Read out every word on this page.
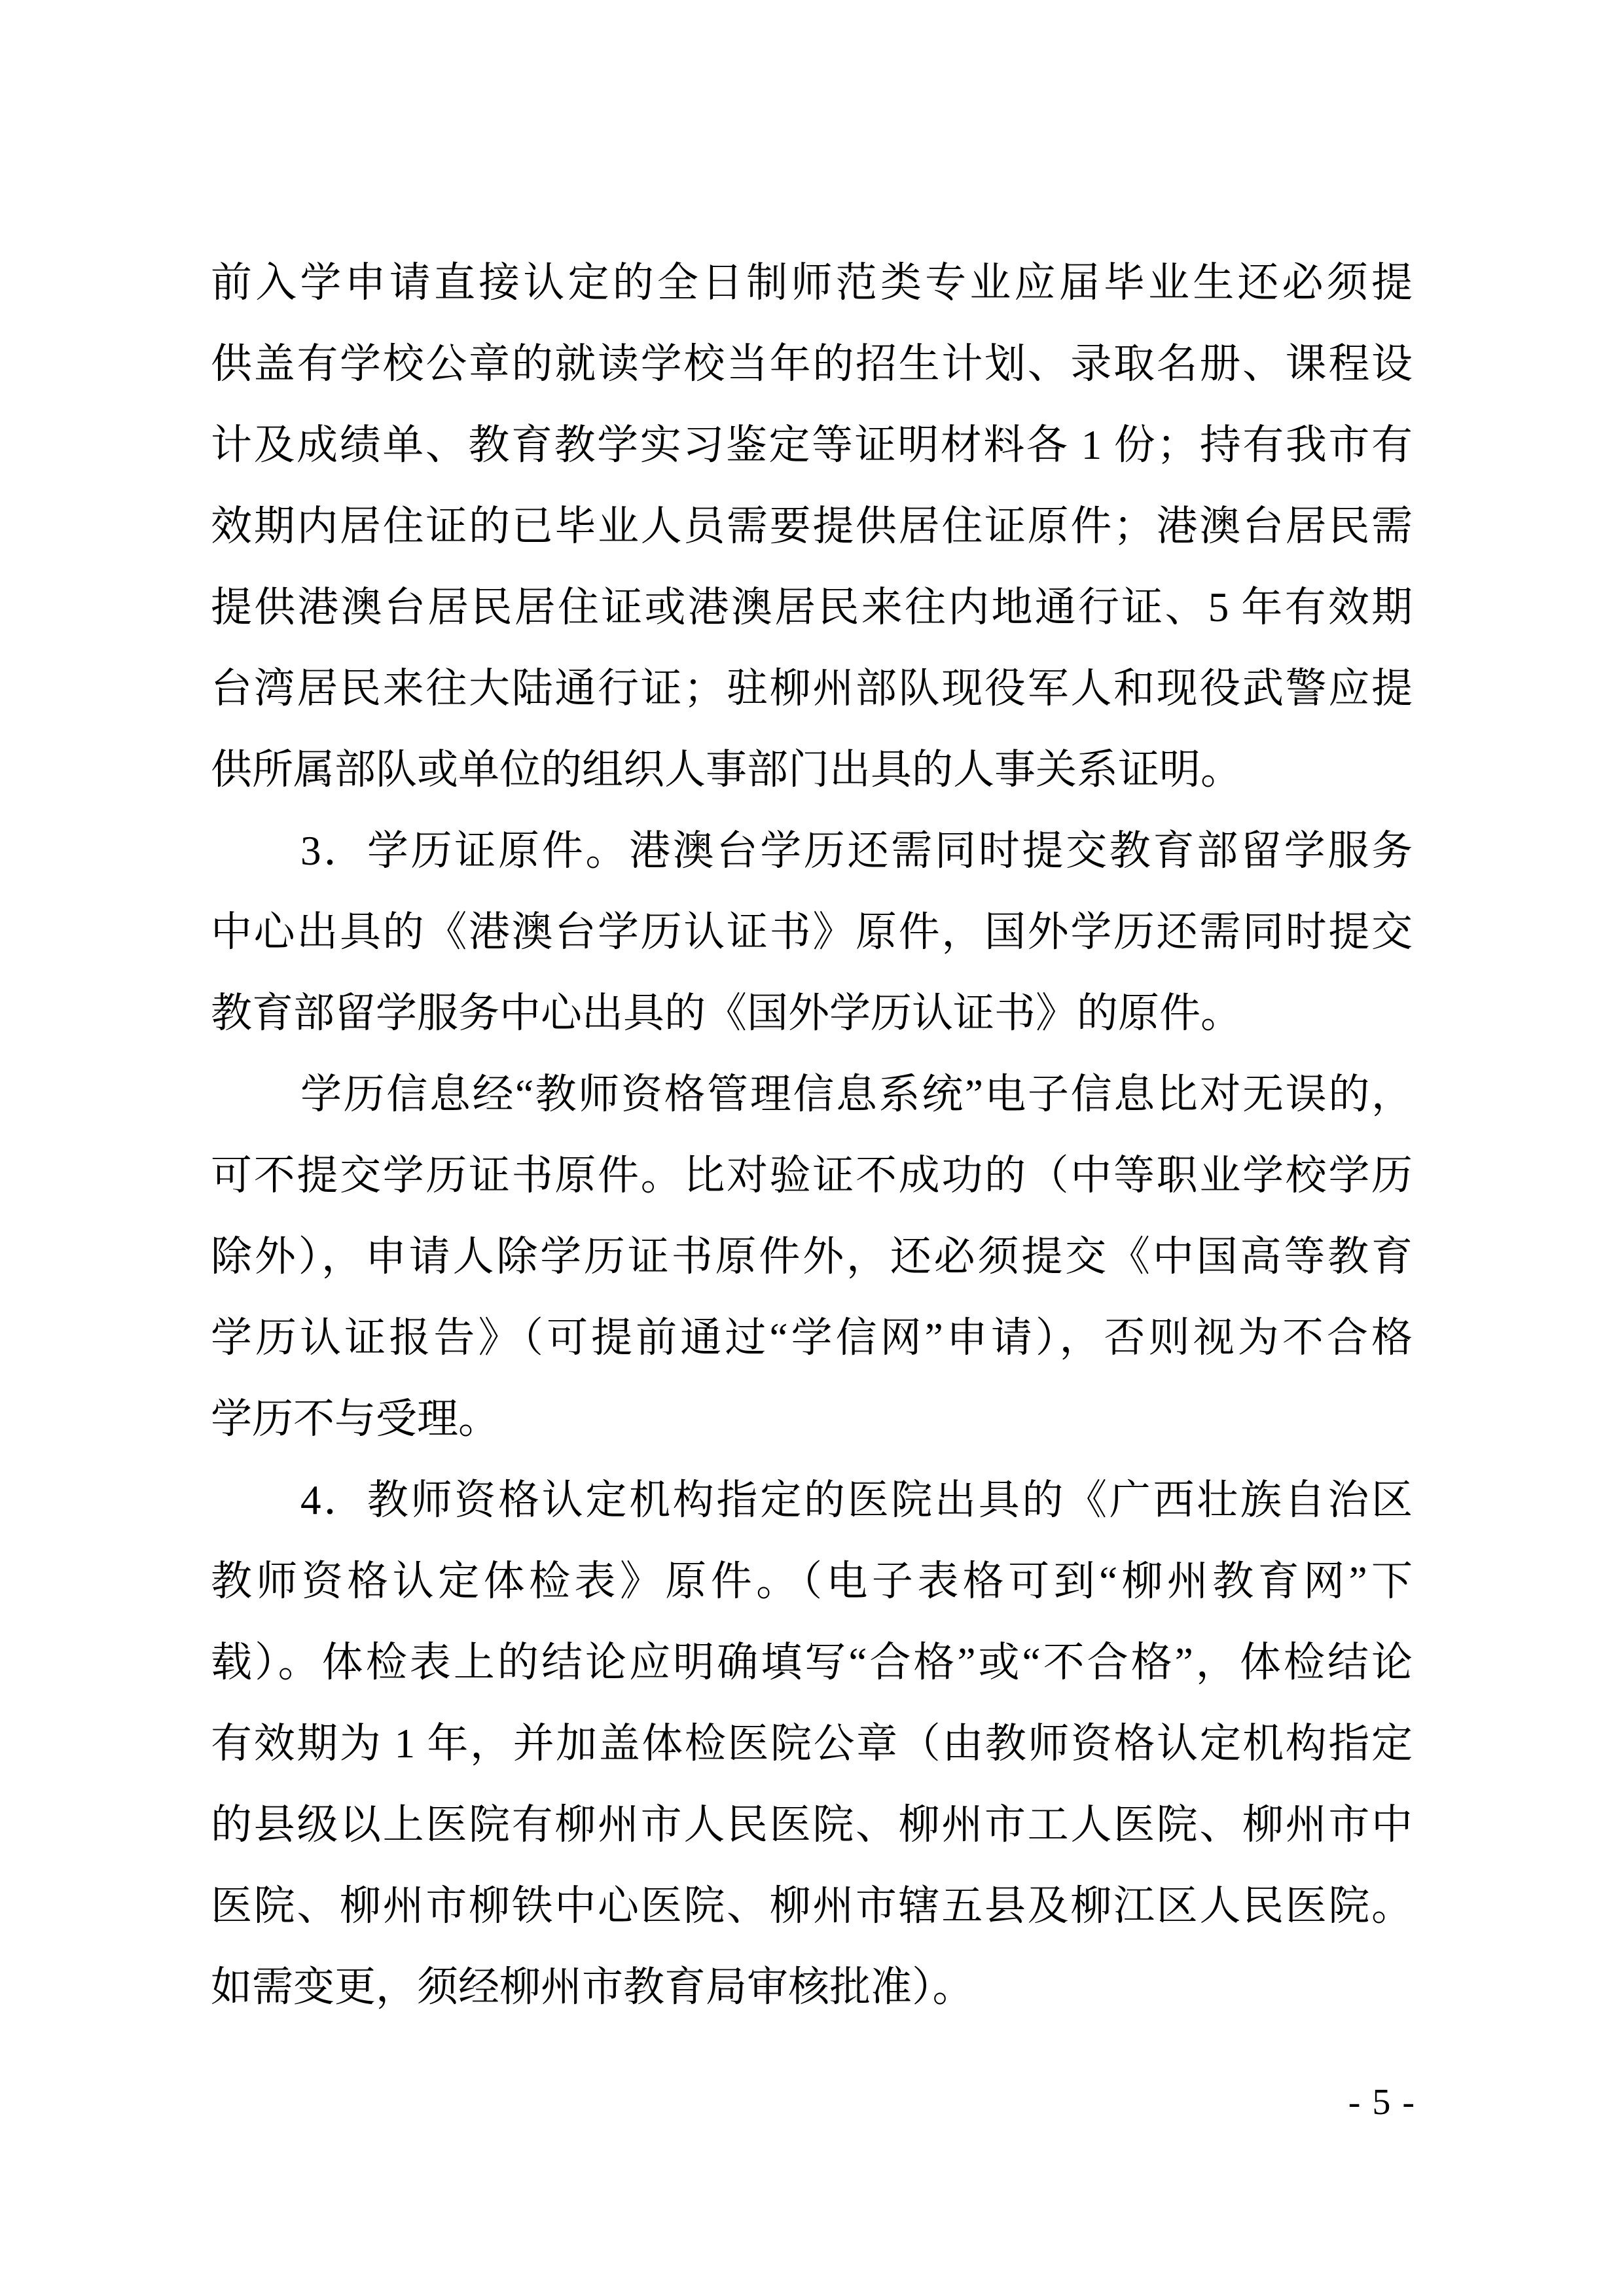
前入学申请直接认定的全日制师范类专业应届毕业生还必须提
供盖有学校公章的就读学校当年的招生计划、录取名册、课程设
计及成绩单、教育教学实习鉴定等证明材料各 1 份；持有我市有
效期内居住证的已毕业人员需要提供居住证原件；港澳台居民需
提供港澳台居民居住证或港澳居民来往内地通行证、5 年有效期
台湾居民来往大陆通行证；驻柳州部队现役军人和现役武警应提
供所属部队或单位的组织人事部门出具的人事关系证明。
3．学历证原件。港澳台学历还需同时提交教育部留学服务
中心出具的《港澳台学历认证书》原件，国外学历还需同时提交
教育部留学服务中心出具的《国外学历认证书》的原件。
学历信息经“教师资格管理信息系统”电子信息比对无误的，
可不提交学历证书原件。比对验证不成功的（中等职业学校学历
除外），申请人除学历证书原件外，还必须提交《中国高等教育
学历认证报告》（可提前通过“学信网”申请），否则视为不合格
学历不与受理。
4．教师资格认定机构指定的医院出具的《广西壮族自治区
教师资格认定体检表》原件。（电子表格可到“柳州教育网”下
载）。体检表上的结论应明确填写“合格”或“不合格”，体检结论
有效期为 1 年，并加盖体检医院公章（由教师资格认定机构指定
的县级以上医院有柳州市人民医院、柳州市工人医院、柳州市中
医院、柳州市柳铁中心医院、柳州市辖五县及柳江区人民医院。
如需变更，须经柳州市教育局审核批准）。
- 5 -
